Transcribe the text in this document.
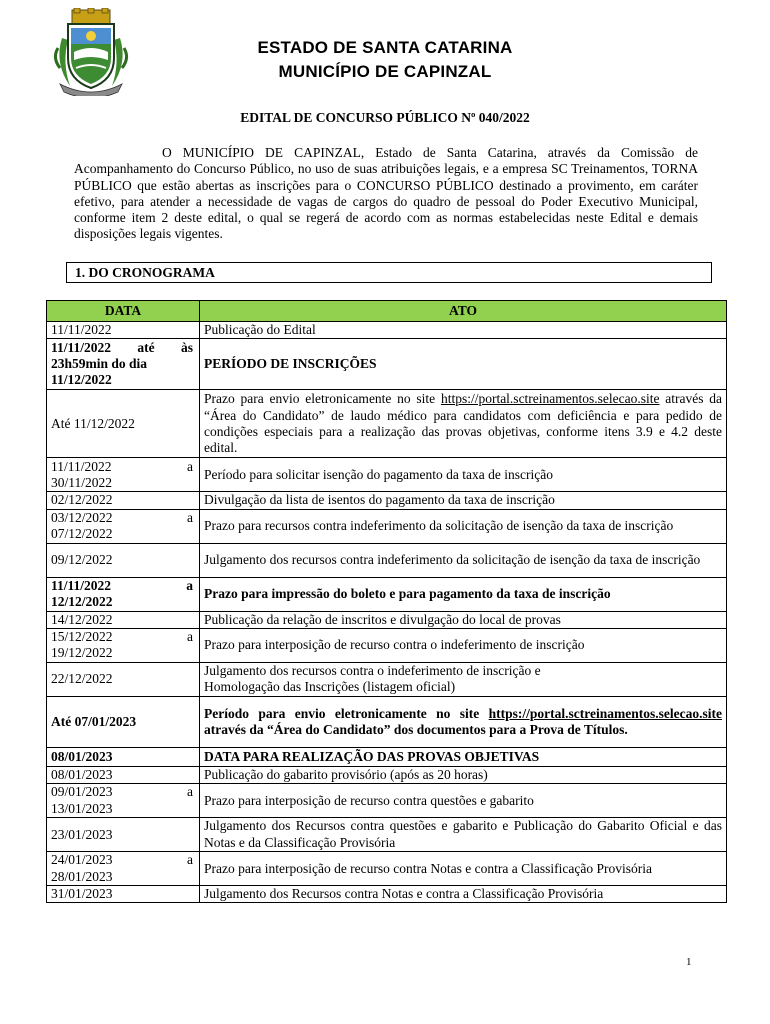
ESTADO DE SANTA CATARINA
MUNICÍPIO DE CAPINZAL
EDITAL DE CONCURSO PÚBLICO Nº 040/2022

O MUNICÍPIO DE CAPINZAL, Estado de Santa Catarina, através da Comissão de Acompanhamento do Concurso Público, no uso de suas atribuições legais, e a empresa SC Treinamentos, TORNA PÚBLICO que estão abertas as inscrições para o CONCURSO PÚBLICO destinado a provimento, em caráter efetivo, para atender a necessidade de vagas de cargos do quadro de pessoal do Poder Executivo Municipal, conforme item 2 deste edital, o qual se regerá de acordo com as normas estabelecidas neste Edital e demais disposições legais vigentes.

1. DO CRONOGRAMA
DATA	ATO
11/11/2022	Publicação do Edital

11/11/2022 até às
23h59min do dia 11/12/2022	PERÍODO DE INSCRIÇÕES
Até 11/12/2022	Prazo para envio eletronicamente no site https://portal.sctreinamentos.selecao.site através da “Área do Candidato” de laudo médico para candidatos com deficiência e para pedido de condições especiais para a realização das provas objetivas, conforme itens 3.9 e 4.2 deste edital.

11/11/2022 a
30/11/2022	Período para solicitar isenção do pagamento da taxa de inscrição
02/12/2022	Divulgação da lista de isentos do pagamento da taxa de inscrição

03/12/2022 a
07/12/2022	Prazo para recursos contra indeferimento da solicitação de isenção da taxa de inscrição
09/12/2022	Julgamento dos recursos contra indeferimento da solicitação de isenção da taxa de inscrição

11/11/2022 a
12/12/2022	Prazo para impressão do boleto e para pagamento da taxa de inscrição
14/12/2022	Publicação da relação de inscritos e divulgação do local de provas

15/12/2022 a
19/12/2022	Prazo para interposição de recurso contra o indeferimento de inscrição
22/12/2022	Julgamento dos recursos contra o indeferimento de inscrição e
Homologação das Inscrições (listagem oficial)

Até 07/01/2023	Período para envio eletronicamente no site https://portal.sctreinamentos.selecao.site através da “Área do Candidato” dos documentos para a Prova de Títulos.
08/01/2023	DATA PARA REALIZAÇÃO DAS PROVAS OBJETIVAS
08/01/2023	Publicação do gabarito provisório (após as 20 horas)

09/01/2023 a
13/01/2023	Prazo para interposição de recurso contra questões e gabarito
23/01/2023	Julgamento dos Recursos contra questões e gabarito e Publicação do Gabarito Oficial e das Notas e da Classificação Provisória

24/01/2023 a
28/01/2023	Prazo para interposição de recurso contra Notas e contra a Classificação Provisória
31/01/2023	Julgamento dos Recursos contra Notas e contra a Classificação Provisória
1
